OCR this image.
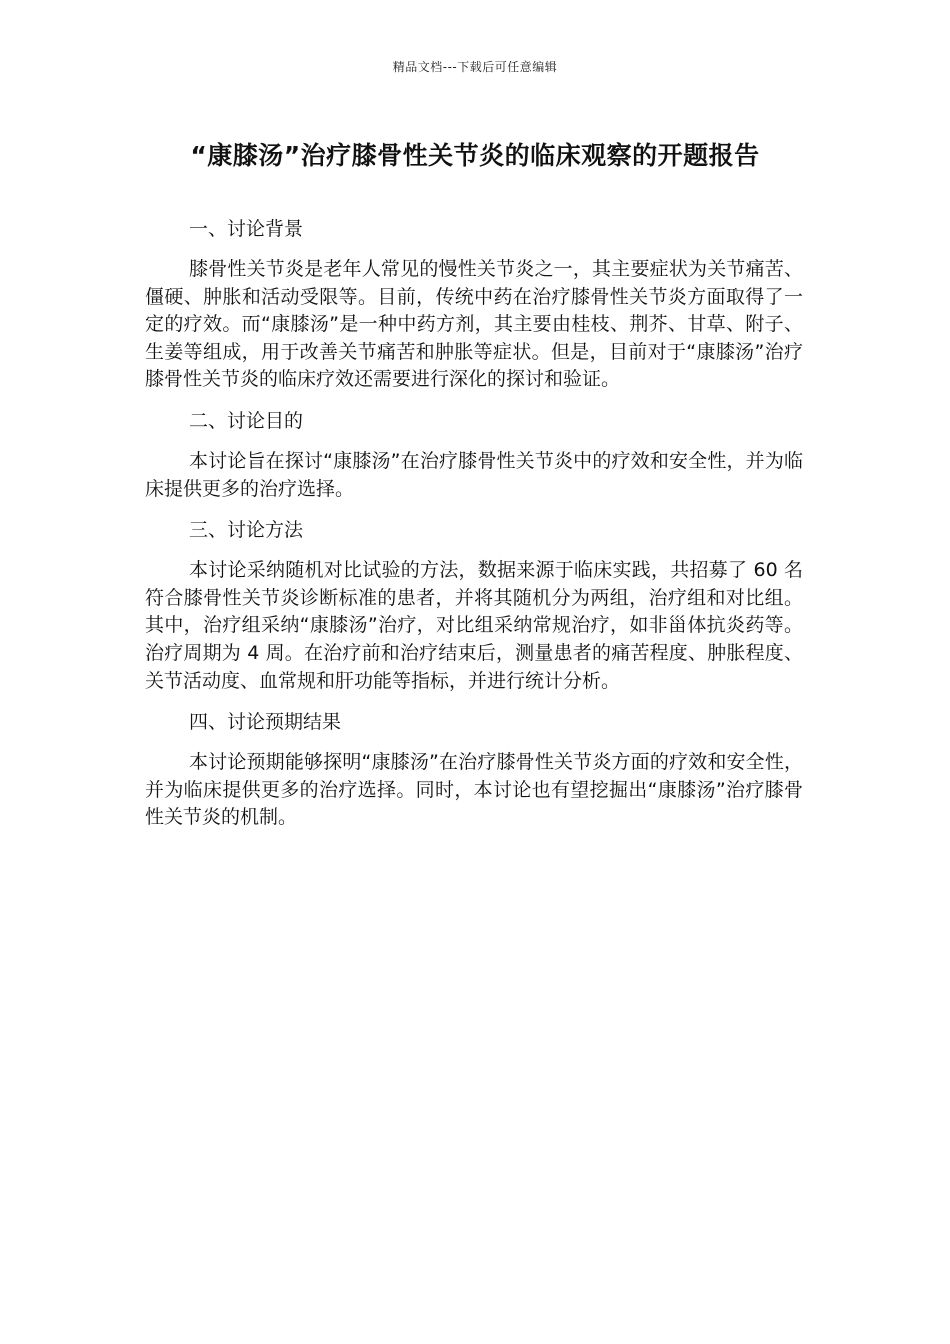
精品文档---下载后可任意编辑
“康膝汤”治疗膝骨性关节炎的临床观察的开题报告

一、讨论背景

膝骨性关节炎是老年人常见的慢性关节炎之一，其主要症状为关节痛苦、僵硬、肿胀和活动受限等。目前，传统中药在治疗膝骨性关节炎方面取得了一定的疗效。而“康膝汤”是一种中药方剂，其主要由桂枝、荆芥、甘草、附子、生姜等组成，用于改善关节痛苦和肿胀等症状。但是，目前对于“康膝汤”治疗膝骨性关节炎的临床疗效还需要进行深化的探讨和验证。

二、讨论目的

本讨论旨在探讨“康膝汤”在治疗膝骨性关节炎中的疗效和安全性，并为临床提供更多的治疗选择。

三、讨论方法

本讨论采纳随机对比试验的方法，数据来源于临床实践，共招募了 60 名符合膝骨性关节炎诊断标准的患者，并将其随机分为两组，治疗组和对比组。其中，治疗组采纳“康膝汤”治疗，对比组采纳常规治疗，如非甾体抗炎药等。治疗周期为 4 周。在治疗前和治疗结束后，测量患者的痛苦程度、肿胀程度、关节活动度、血常规和肝功能等指标，并进行统计分析。

四、讨论预期结果

本讨论预期能够探明“康膝汤”在治疗膝骨性关节炎方面的疗效和安全性，并为临床提供更多的治疗选择。同时，本讨论也有望挖掘出“康膝汤”治疗膝骨性关节炎的机制。
